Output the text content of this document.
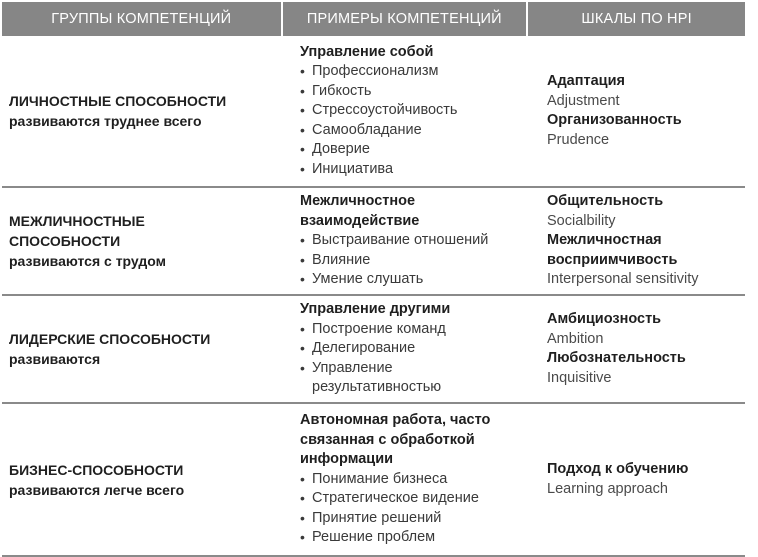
ГРУППЫ КОМПЕТЕНЦИЙ	ПРИМЕРЫ КОМПЕТЕНЦИЙ	ШКАЛЫ ПО HPI
ЛИЧНОСТНЫЕ СПОСОБНОСТИ
развиваются труднее всего
Управление собой
• Профессионализм
• Гибкость
• Стрессоустойчивость
• Самообладание
• Доверие
• Инициатива
Адаптация
Adjustment
Организованность
Prudence
МЕЖЛИЧНОСТНЫЕ
СПОСОБНОСТИ
развиваются с трудом
Межличностное
взаимодействие
• Выстраивание отношений
• Влияние
• Умение слушать
Общительность
Socialbility
Межличностная
восприимчивость
Interpersonal sensitivity
ЛИДЕРСКИЕ СПОСОБНОСТИ
развиваются
Управление другими
• Построение команд
• Делегирование
• Управление
результативностью
Амбициозность
Ambition
Любознательность
Inquisitive
БИЗНЕС-СПОСОБНОСТИ
развиваются легче всего
Автономная работа, часто
связанная с обработкой
информации
• Понимание бизнеса
• Стратегическое видение
• Принятие решений
• Решение проблем
Подход к обучению
Learning approach
